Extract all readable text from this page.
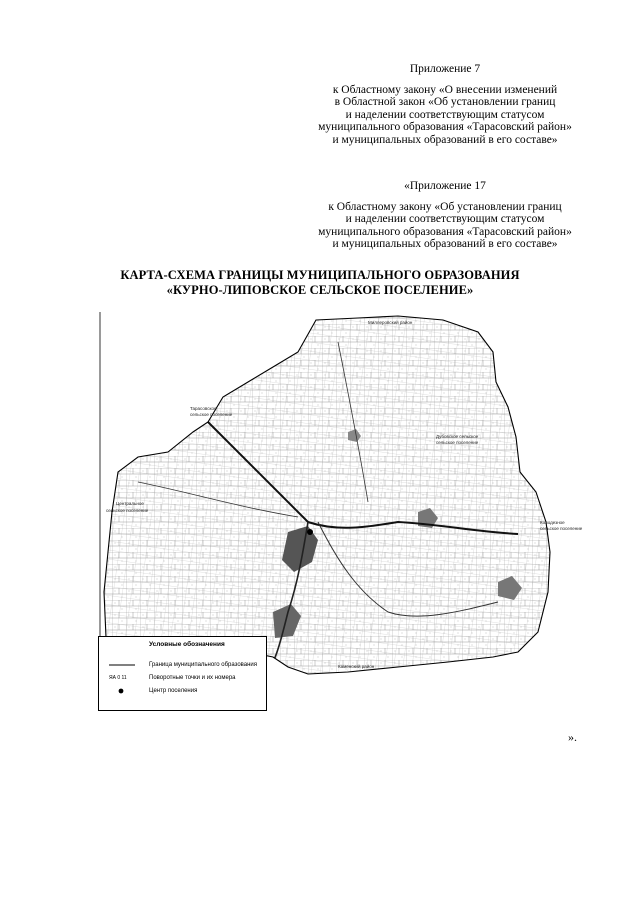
Приложение 7
к Областному закону «О внесении изменений
в Областной закон «Об установлении границ
и наделении соответствующим статусом
муниципального образования «Тарасовский район»
и муниципальных образований в его составе»
«Приложение 17
к Областному закону «Об установлении границ
и наделении соответствующим статусом
муниципального образования «Тарасовский район»
и муниципальных образований в его составе»
КАРТА-СХЕМА ГРАНИЦЫ МУНИЦИПАЛЬНОГО ОБРАЗОВАНИЯ
«КУРНО-ЛИПОВСКОЕ СЕЛЬСКОЕ ПОСЕЛЕНИЕ»
Миллеровский район
Тарасовское
сельское поселение
Центральное
сельское поселение
Дубовское сельское
сельское поселение
Колодезное
сельское поселение
Каменский район
Условные обозначения
Граница муниципального образования
ЯА 0 11	Поворотные точки и их номера
Центр поселения
».
